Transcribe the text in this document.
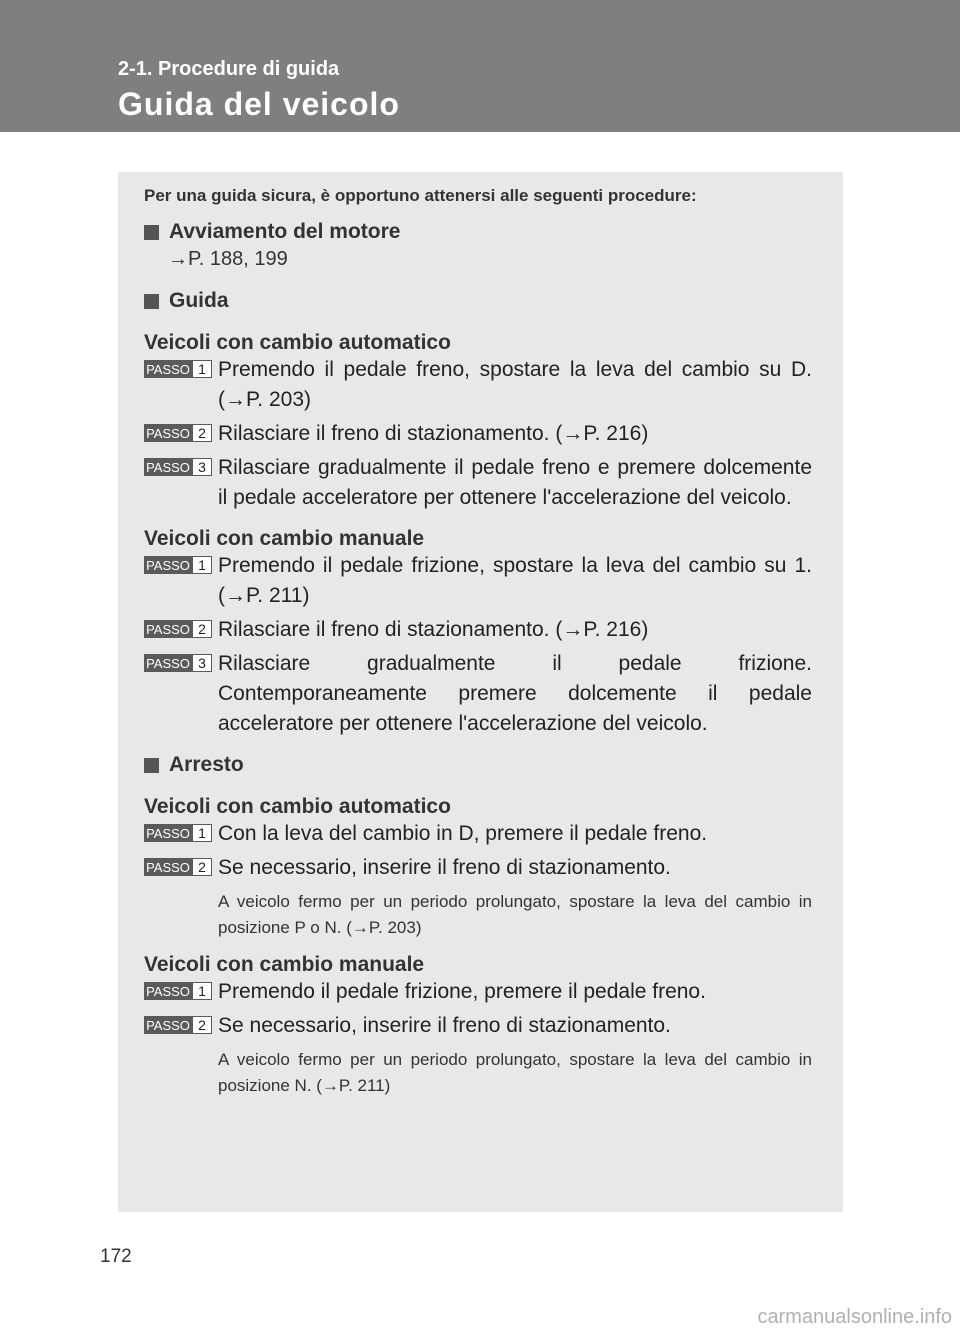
2-1. Procedure di guida
Guida del veicolo

Per una guida sicura, è opportuno attenersi alle seguenti procedure:

Avviamento del motore
→P. 188, 199
Guida
Veicoli con cambio automatico
PASSO 1 Premendo il pedale freno, spostare la leva del cambio su D. (→P. 203)
PASSO 2 Rilasciare il freno di stazionamento. (→P. 216)
PASSO 3 Rilasciare gradualmente il pedale freno e premere dolcemente il pedale acceleratore per ottenere l'accelerazione del veicolo.
Veicoli con cambio manuale
PASSO 1 Premendo il pedale frizione, spostare la leva del cambio su 1. (→P. 211)
PASSO 2 Rilasciare il freno di stazionamento. (→P. 216)
PASSO 3 Rilasciare gradualmente il pedale frizione. Contemporaneamente premere dolcemente il pedale acceleratore per ottenere l'accelerazione del veicolo.
Arresto
Veicoli con cambio automatico
PASSO 1 Con la leva del cambio in D, premere il pedale freno.
PASSO 2 Se necessario, inserire il freno di stazionamento.
A veicolo fermo per un periodo prolungato, spostare la leva del cambio in posizione P o N. (→P. 203)
Veicoli con cambio manuale
PASSO 1 Premendo il pedale frizione, premere il pedale freno.
PASSO 2 Se necessario, inserire il freno di stazionamento.
A veicolo fermo per un periodo prolungato, spostare la leva del cambio in posizione N. (→P. 211)
172
carmanualsonline.info
